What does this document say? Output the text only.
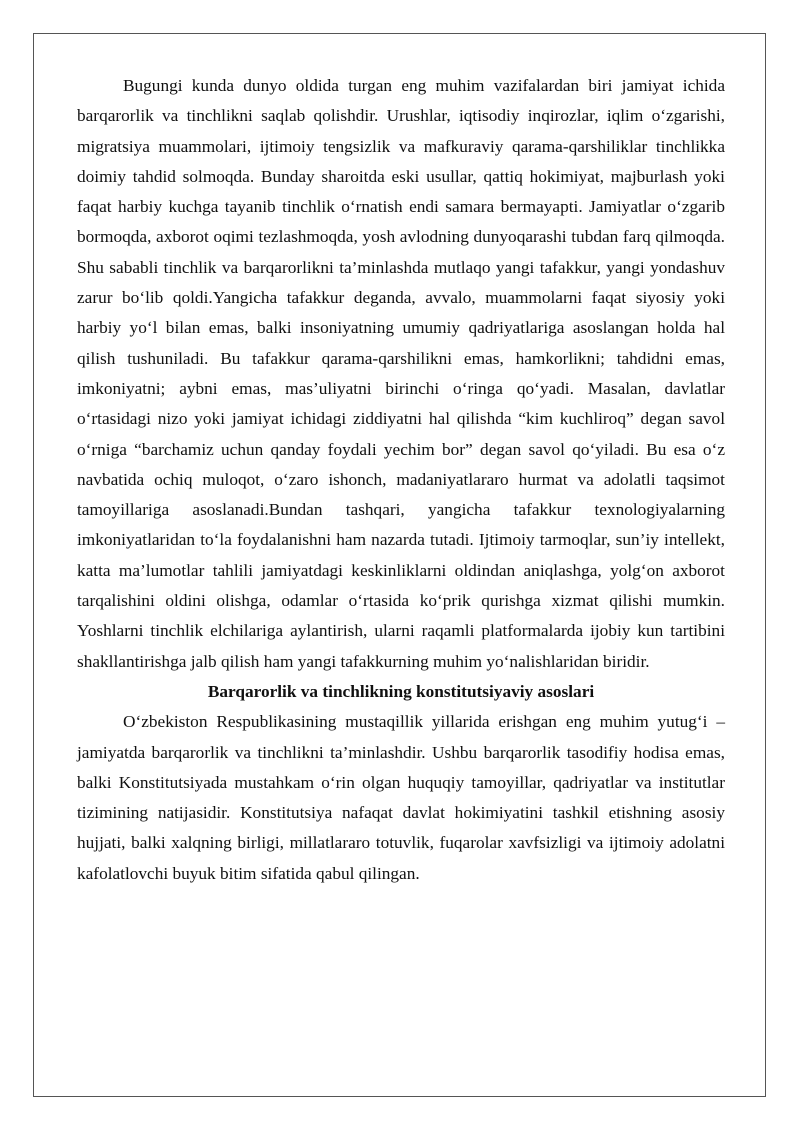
Bugungi kunda dunyo oldida turgan eng muhim vazifalardan biri jamiyat ichida barqarorlik va tinchlikni saqlab qolishdir. Urushlar, iqtisodiy inqirozlar, iqlim o‘zgarishi, migratsiya muammolari, ijtimoiy tengsizlik va mafkuraviy qarama-qarshiliklar tinchlikka doimiy tahdid solmoqda. Bunday sharoitda eski usullar, qattiq hokimiyat, majburlash yoki faqat harbiy kuchga tayanib tinchlik o‘rnatish endi samara bermayapti. Jamiyatlar o‘zgarib bormoqda, axborot oqimi tezlashmoqda, yosh avlodning dunyoqarashi tubdan farq qilmoqda. Shu sababli tinchlik va barqarorlikni ta’minlashda mutlaqo yangi tafakkur, yangi yondashuv zarur bo‘lib qoldi.Yangicha tafakkur deganda, avvalo, muammolarni faqat siyosiy yoki harbiy yo‘l bilan emas, balki insoniyatning umumiy qadriyatlariga asoslangan holda hal qilish tushuniladi. Bu tafakkur qarama-qarshilikni emas, hamkorlikni; tahdidni emas, imkoniyatni; aybni emas, mas’uliyatni birinchi o‘ringa qo‘yadi. Masalan, davlatlar o‘rtasidagi nizo yoki jamiyat ichidagi ziddiyatni hal qilishda “kim kuchliroq” degan savol o‘rniga “barchamiz uchun qanday foydali yechim bor” degan savol qo‘yiladi. Bu esa o‘z navbatida ochiq muloqot, o‘zaro ishonch, madaniyatlararo hurmat va adolatli taqsimot tamoyillariga asoslanadi.Bundan tashqari, yangicha tafakkur texnologiyalarning imkoniyatlaridan to‘la foydalanishni ham nazarda tutadi. Ijtimoiy tarmoqlar, sun’iy intellekt, katta ma’lumotlar tahlili jamiyatdagi keskinliklarni oldindan aniqlashga, yolg‘on axborot tarqalishini oldini olishga, odamlar o‘rtasida ko‘prik qurishga xizmat qilishi mumkin. Yoshlarni tinchlik elchilariga aylantirish, ularni raqamli platformalarda ijobiy kun tartibini shakllantirishga jalb qilish ham yangi tafakkurning muhim yo‘nalishlaridan biridir.

Barqarorlik va tinchlikning konstitutsiyaviy asoslari

O‘zbekiston Respublikasining mustaqillik yillarida erishgan eng muhim yutug‘i – jamiyatda barqarorlik va tinchlikni ta’minlashdir. Ushbu barqarorlik tasodifiy hodisa emas, balki Konstitutsiyada mustahkam o‘rin olgan huquqiy tamoyillar, qadriyatlar va institutlar tizimining natijasidir. Konstitutsiya nafaqat davlat hokimiyatini tashkil etishning asosiy hujjati, balki xalqning birligi, millatlararo totuvlik, fuqarolar xavfsizligi va ijtimoiy adolatni kafolatlovchi buyuk bitim sifatida qabul qilingan.
